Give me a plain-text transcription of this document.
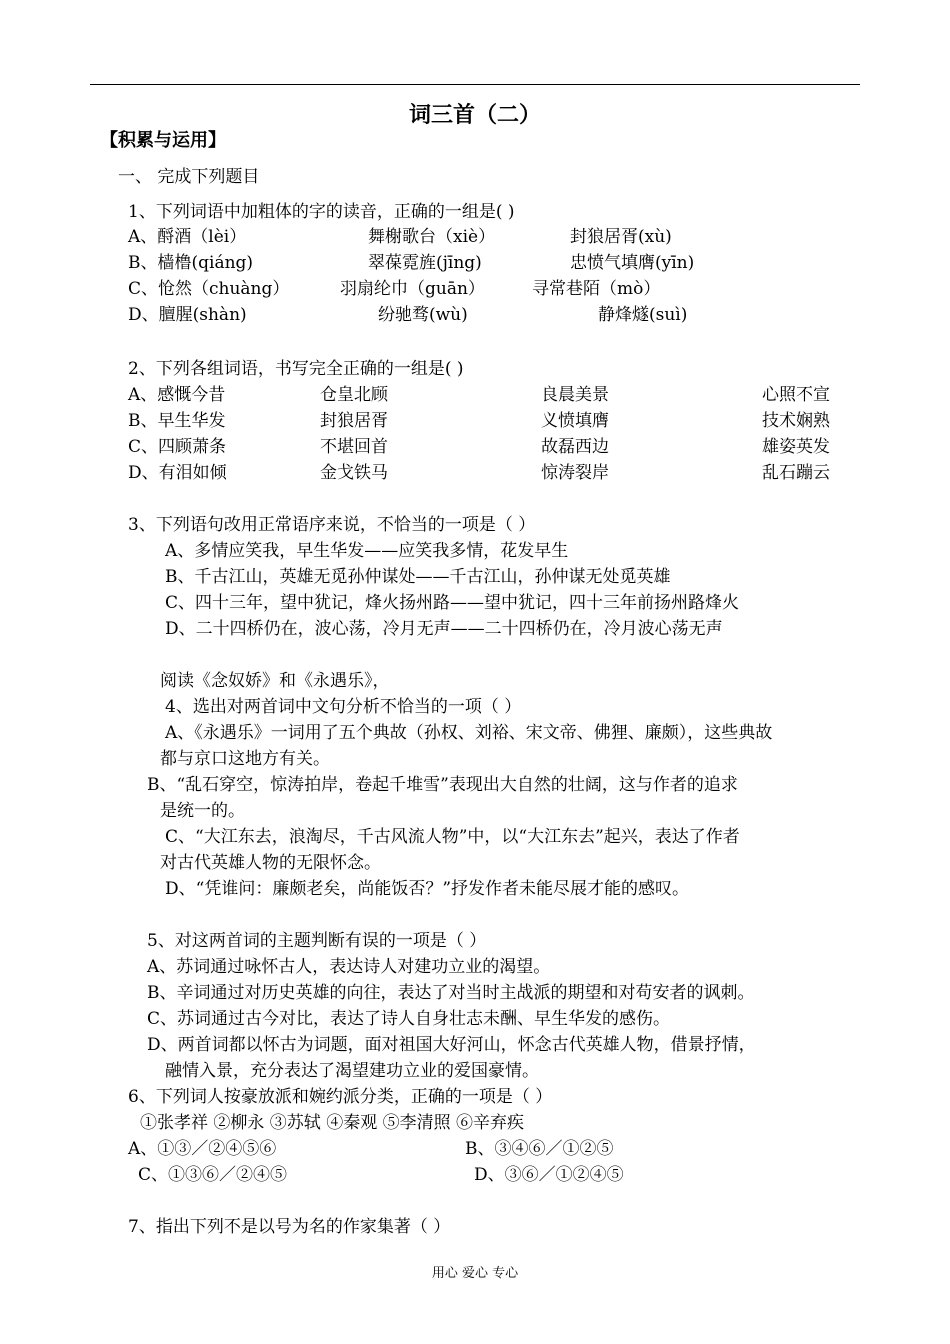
词三首（二）
【积累与运用】
一、 完成下列题目
1、下列词语中加粗体的字的读音，正确的一组是( )
A、酹酒（lèi）	舞榭歌台（xiè）	封狼居胥(xù)
B、樯橹(qiáng)	翠葆霓旌(jīng)	忠愤气填膺(yīn)
C、怆然（chuàng）	羽扇纶巾（guān）	寻常巷陌（mò）
D、膻腥(shàn)	纷驰骛(wù)	静烽燧(suì)
2、下列各组词语，书写完全正确的一组是( )
A、感慨今昔	仓皇北顾	良晨美景	心照不宣
B、早生华发	封狼居胥	义愤填膺	技术娴熟
C、四顾萧条	不堪回首	故磊西边	雄姿英发
D、有泪如倾	金戈铁马	惊涛裂岸	乱石蹦云
3、下列语句改用正常语序来说，不恰当的一项是（ ）
A、多情应笑我，早生华发——应笑我多情，花发早生
B、千古江山，英雄无觅孙仲谋处——千古江山，孙仲谋无处觅英雄
C、四十三年，望中犹记，烽火扬州路——望中犹记，四十三年前扬州路烽火
D、二十四桥仍在，波心荡，冷月无声——二十四桥仍在，冷月波心荡无声
阅读《念奴娇》和《永遇乐》，
4、选出对两首词中文句分析不恰当的一项（ ）
A、《永遇乐》一词用了五个典故（孙权、刘裕、宋文帝、佛狸、廉颇），这些典故
都与京口这地方有关。
B、“乱石穿空，惊涛拍岸，卷起千堆雪”表现出大自然的壮阔，这与作者的追求
是统一的。
C、“大江东去，浪淘尽，千古风流人物”中，以“大江东去”起兴，表达了作者
对古代英雄人物的无限怀念。
D、“凭谁问：廉颇老矣，尚能饭否？”抒发作者未能尽展才能的感叹。
5、对这两首词的主题判断有误的一项是（ ）
A、苏词通过咏怀古人，表达诗人对建功立业的渴望。
B、辛词通过对历史英雄的向往，表达了对当时主战派的期望和对苟安者的讽刺。
C、苏词通过古今对比，表达了诗人自身壮志未酬、早生华发的感伤。
D、两首词都以怀古为词题，面对祖国大好河山，怀念古代英雄人物，借景抒情，
融情入景，充分表达了渴望建功立业的爱国豪情。
6、下列词人按豪放派和婉约派分类，正确的一项是（ ）
①张孝祥 ②柳永 ③苏轼 ④秦观 ⑤李清照 ⑥辛弃疾
A、①③／②④⑤⑥	B、③④⑥／①②⑤
C、①③⑥／②④⑤	D、③⑥／①②④⑤
7、指出下列不是以号为名的作家集著（ ）
用心 爱心 专心
